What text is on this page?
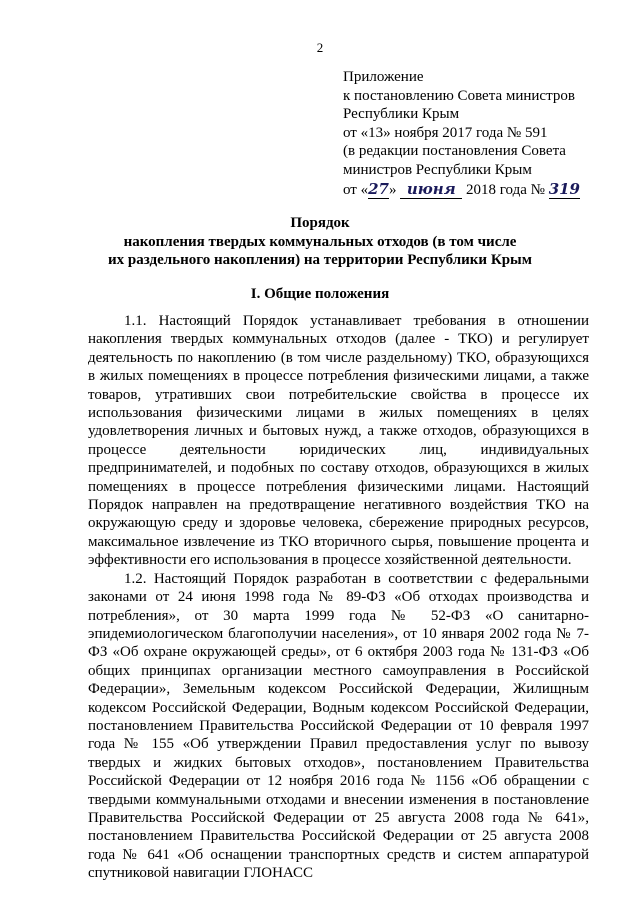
2
Приложение
к постановлению Совета министров
Республики Крым
от «13» ноября 2017 года № 591
(в редакции постановления Совета
министров Республики Крым
от «27» июня 2018 года № 319
Порядок
накопления твердых коммунальных отходов (в том числе
их раздельного накопления) на территории Республики Крым
I. Общие положения

1.1. Настоящий Порядок устанавливает требования в отношении накопления твердых коммунальных отходов (далее - ТКО) и регулирует деятельность по накоплению (в том числе раздельному) ТКО, образующихся в жилых помещениях в процессе потребления физическими лицами, а также товаров, утративших свои потребительские свойства в процессе их использования физическими лицами в жилых помещениях в целях удовлетворения личных и бытовых нужд, а также отходов, образующихся в процессе деятельности юридических лиц, индивидуальных предпринимателей, и подобных по составу отходов, образующихся в жилых помещениях в процессе потребления физическими лицами. Настоящий Порядок направлен на предотвращение негативного воздействия ТКО на окружающую среду и здоровье человека, сбережение природных ресурсов, максимальное извлечение из ТКО вторичного сырья, повышение процента и эффективности его использования в процессе хозяйственной деятельности.

1.2. Настоящий Порядок разработан в соответствии с федеральными законами от 24 июня 1998 года № 89-ФЗ «Об отходах производства и потребления», от 30 марта 1999 года № 52-ФЗ «О санитарно-эпидемиологическом благополучии населения», от 10 января 2002 года № 7-ФЗ «Об охране окружающей среды», от 6 октября 2003 года № 131-ФЗ «Об общих принципах организации местного самоуправления в Российской Федерации», Земельным кодексом Российской Федерации, Жилищным кодексом Российской Федерации, Водным кодексом Российской Федерации, постановлением Правительства Российской Федерации от 10 февраля 1997 года № 155 «Об утверждении Правил предоставления услуг по вывозу твердых и жидких бытовых отходов», постановлением Правительства Российской Федерации от 12 ноября 2016 года № 1156 «Об обращении с твердыми коммунальными отходами и внесении изменения в постановление Правительства Российской Федерации от 25 августа 2008 года № 641», постановлением Правительства Российской Федерации от 25 августа 2008 года № 641 «Об оснащении транспортных средств и систем аппаратурой спутниковой навигации ГЛОНАСС
